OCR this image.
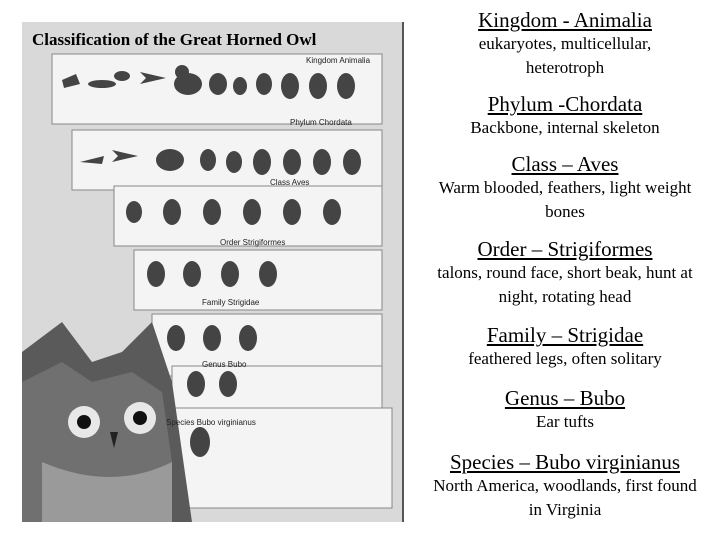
Kingdom Animalia
Phylum Chordata
Class Aves
Order Strigiformes
Family Strigidae
Genus Bubo
Species Bubo virginianus
Classification of the Great Horned Owl
Kingdom - Animalia
eukaryotes, multicellular, heterotroph
Phylum -Chordata
Backbone, internal skeleton
Class – Aves
Warm blooded, feathers, light weight bones
Order – Strigiformes
talons, round face, short beak, hunt at night, rotating head
Family – Strigidae
feathered legs, often solitary
Genus – Bubo
Ear tufts
Species – Bubo virginianus
North America, woodlands, first found in Virginia
